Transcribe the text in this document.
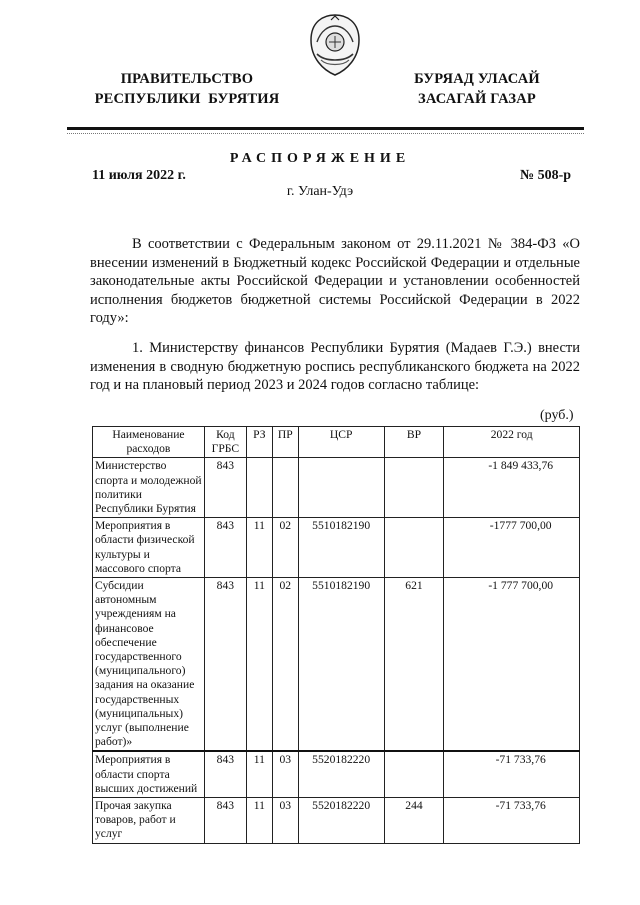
ПРАВИТЕЛЬСТВО
РЕСПУБЛИКИ  БУРЯТИЯ
БУРЯАД УЛАСАЙ
ЗАСАГАЙ ГАЗАР
РАСПОРЯЖЕНИЕ
11 июля 2022 г.	№ 508-р
г. Улан-Удэ
В соответствии с Федеральным законом от 29.11.2021 № 384-ФЗ «О внесении изменений в Бюджетный кодекс Российской Федерации и отдельные законодательные акты Российской Федерации и установлении особенностей исполнения бюджетов бюджетной системы Российской Федерации в 2022 году»:
1. Министерству финансов Республики Бурятия (Мадаев Г.Э.) внести изменения в сводную бюджетную роспись республиканского бюджета на 2022 год и на плановый период 2023 и 2024 годов согласно таблице:
(руб.)
Наименование расходов	Код ГРБС	РЗ	ПР	ЦСР	ВР	2022 год
Министерство спорта и молодежной политики Республики Бурятия	843					-1 849 433,76
Мероприятия в области физической культуры и массового спорта	843	11	02	5510182190		-1777 700,00
Субсидии автономным учреждениям на финансовое обеспечение государственного (муниципального) задания на оказание государственных (муниципальных) услуг (выполнение работ)»	843	11	02	5510182190	621	-1 777 700,00
Мероприятия в области спорта высших достижений	843	11	03	5520182220		-71 733,76
Прочая закупка товаров, работ и услуг	843	11	03	5520182220	244	-71 733,76
